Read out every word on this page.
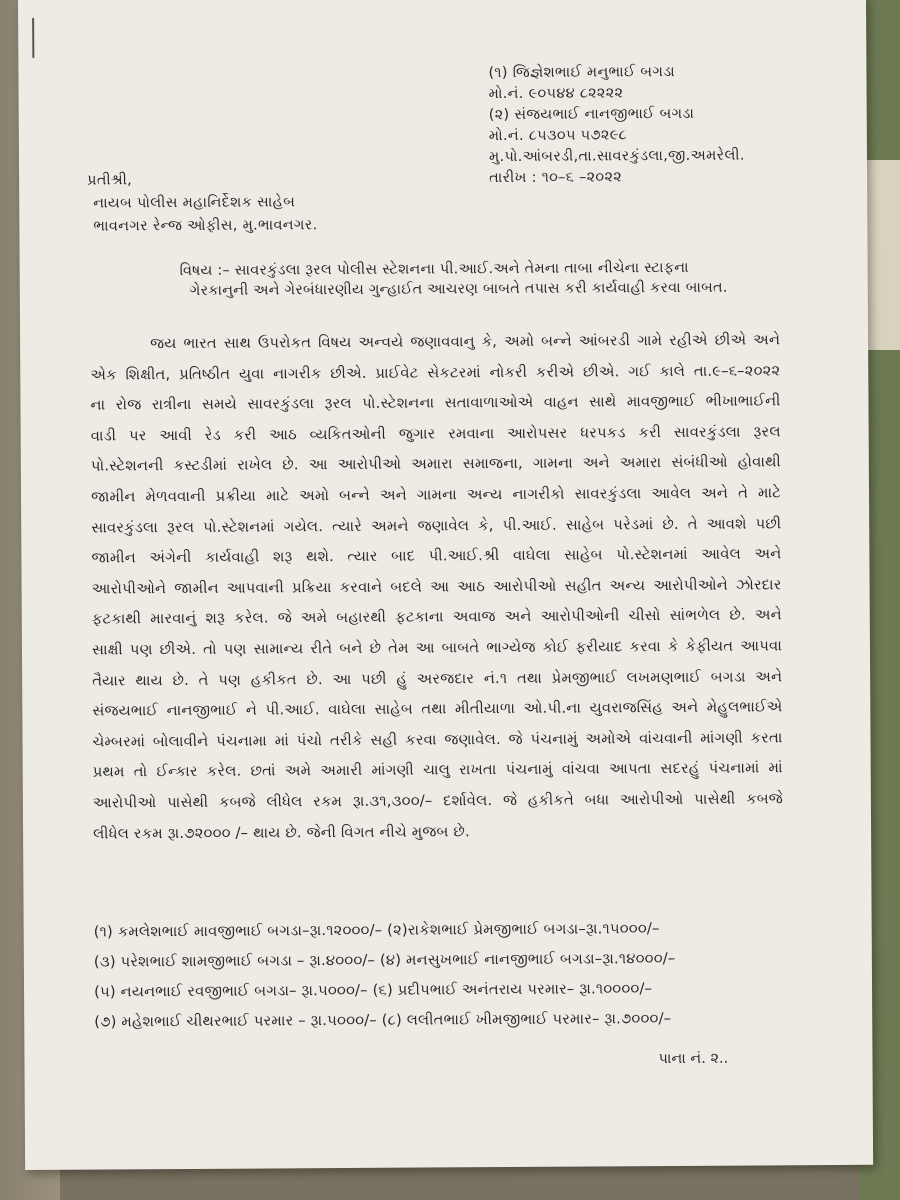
(૧) જિજ્ઞેશભાઈ મનુભાઈ બગડા
મો.નં. ૯૦૫૪૪ ૮૨૨૨૨
(૨) સંજયભાઈ નાનજીભાઈ બગડા
મો.નં. ૮૫૩૦૫ ૫૭૨૯૮
મુ.પો.આંબરડી,તા.સાવરકુંડલા,જી.અમરેલી.
તારીખ : ૧૦–૬ –૨૦૨૨
પ્રતીશ્રી,
નાયબ પોલીસ મહાનિર્દેશક સાહેબ
ભાવનગર રેન્જ ઓફીસ, મુ.ભાવનગર.
વિષય :– સાવરકુંડલા રૂરલ પોલીસ સ્ટેશનના પી.આઈ.અને તેમના તાબા નીચેના સ્ટાફના
ગેરકાનુની અને ગેરબંધારણીય ગુન્હાઈત આચરણ બાબતે તપાસ કરી કાર્યવાહી કરવા બાબત.
જય ભારત સાથ ઉપરોકત વિષય અન્વયે જણાવવાનુ કે, અમો બન્ને આંબરડી ગામે રહીએ છીએ અને
એક શિક્ષીત, પ્રતિષ્ઠીત યુવા નાગરીક છીએ. પ્રાઈવેટ સેકટરમાં નોકરી કરીએ છીએ. ગઈ કાલે તા.૯–૬–૨૦૨૨
ના રોજ રાત્રીના સમયે સાવરકુંડલા રૂરલ પો.સ્ટેશનના સતાવાળાઓએ વાહન સાથે માવજીભાઈ ભીખાભાઈની
વાડી પર આવી રેડ કરી આઠ વ્યકિતઓની જુગાર રમવાના આરોપસર ધરપકડ કરી સાવરકુંડલા રૂરલ
પો.સ્ટેશનની કસ્ટડીમાં રાખેલ છે. આ આરોપીઓ અમારા સમાજના, ગામના અને અમારા સંબંધીઓ હોવાથી
જામીન મેળવવાની પ્રક્રીયા માટે અમો બન્ને અને ગામના અન્ય નાગરીકો સાવરકુંડલા આવેલ અને તે માટે
સાવરકુંડલા રૂરલ પો.સ્ટેશનમાં ગયેલ. ત્યારે અમને જણાવેલ કે, પી.આઈ. સાહેબ પરેડમાં છે. તે આવશે પછી
જામીન અંગેની કાર્યવાહી શરૂ થશે. ત્યાર બાદ પી.આઈ.શ્રી વાઘેલા સાહેબ પો.સ્ટેશનમાં આવેલ અને
આરોપીઓને જામીન આપવાની પ્રક્રિયા કરવાને બદલે આ આઠ આરોપીઓ સહીત અન્ય આરોપીઓને ઝોરદાર
ફટકાથી મારવાનું શરૂ કરેલ. જે અમે બહારથી ફટકાના અવાજ અને આરોપીઓની ચીસો સાંભળેલ છે. અને
સાક્ષી પણ છીએ. તો પણ સામાન્ય રીતે બને છે તેમ આ બાબતે ભાગ્યેજ કોઈ ફરીયાદ કરવા કે કેફીયત આપવા
તૈયાર થાય છે. તે પણ હકીકત છે. આ પછી હું અરજદાર નં.૧ તથા પ્રેમજીભાઈ લખમણભાઈ બગડા અને
સંજયભાઈ નાનજીભાઈ ને પી.આઈ. વાઘેલા સાહેબ તથા મીતીયાળા ઓ.પી.ના યુવરાજસિંહ અને મેહુલભાઈએ
ચેમ્બરમાં બોલાવીને પંચનામા માં પંચો તરીકે સહી કરવા જણાવેલ. જે પંચનામું અમોએ વાંચવાની માંગણી કરતા
પ્રથમ તો ઈન્કાર કરેલ. છતાં અમે અમારી માંગણી ચાલુ રાખતા પંચનામું વાંચવા આપતા સદરહું પંચનામાં માં
આરોપીઓ પાસેથી કબજે લીધેલ રકમ રૂા.૩૧,૩૦૦/– દર્શાવેલ. જે હકીકતે બધા આરોપીઓ પાસેથી કબજે
લીધેલ રકમ રૂા.૭૨૦૦૦ /– થાય છે. જેની વિગત નીચે મુજબ છે.
(૧) કમલેશભાઈ માવજીભાઈ બગડા–રૂા.૧૨૦૦૦/– (૨)રાકેશભાઈ પ્રેમજીભાઈ બગડા–રૂા.૧૫૦૦૦/–
(૩) પરેશભાઈ શામજીભાઈ બગડા – રૂા.૪૦૦૦/– (૪) મનસુખભાઈ નાનજીભાઈ બગડા–રૂા.૧૪૦૦૦/–
(૫) નયનભાઈ રવજીભાઈ બગડા– રૂા.૫૦૦૦/– (૬) પ્રદીપભાઈ અનંતરાય પરમાર– રૂા.૧૦૦૦૦/–
(૭) મહેશભાઈ ચીથરભાઈ પરમાર – રૂા.૫૦૦૦/– (૮) લલીતભાઈ ખીમજીભાઈ પરમાર– રૂા.૭૦૦૦/–
પાના નં. ૨..
